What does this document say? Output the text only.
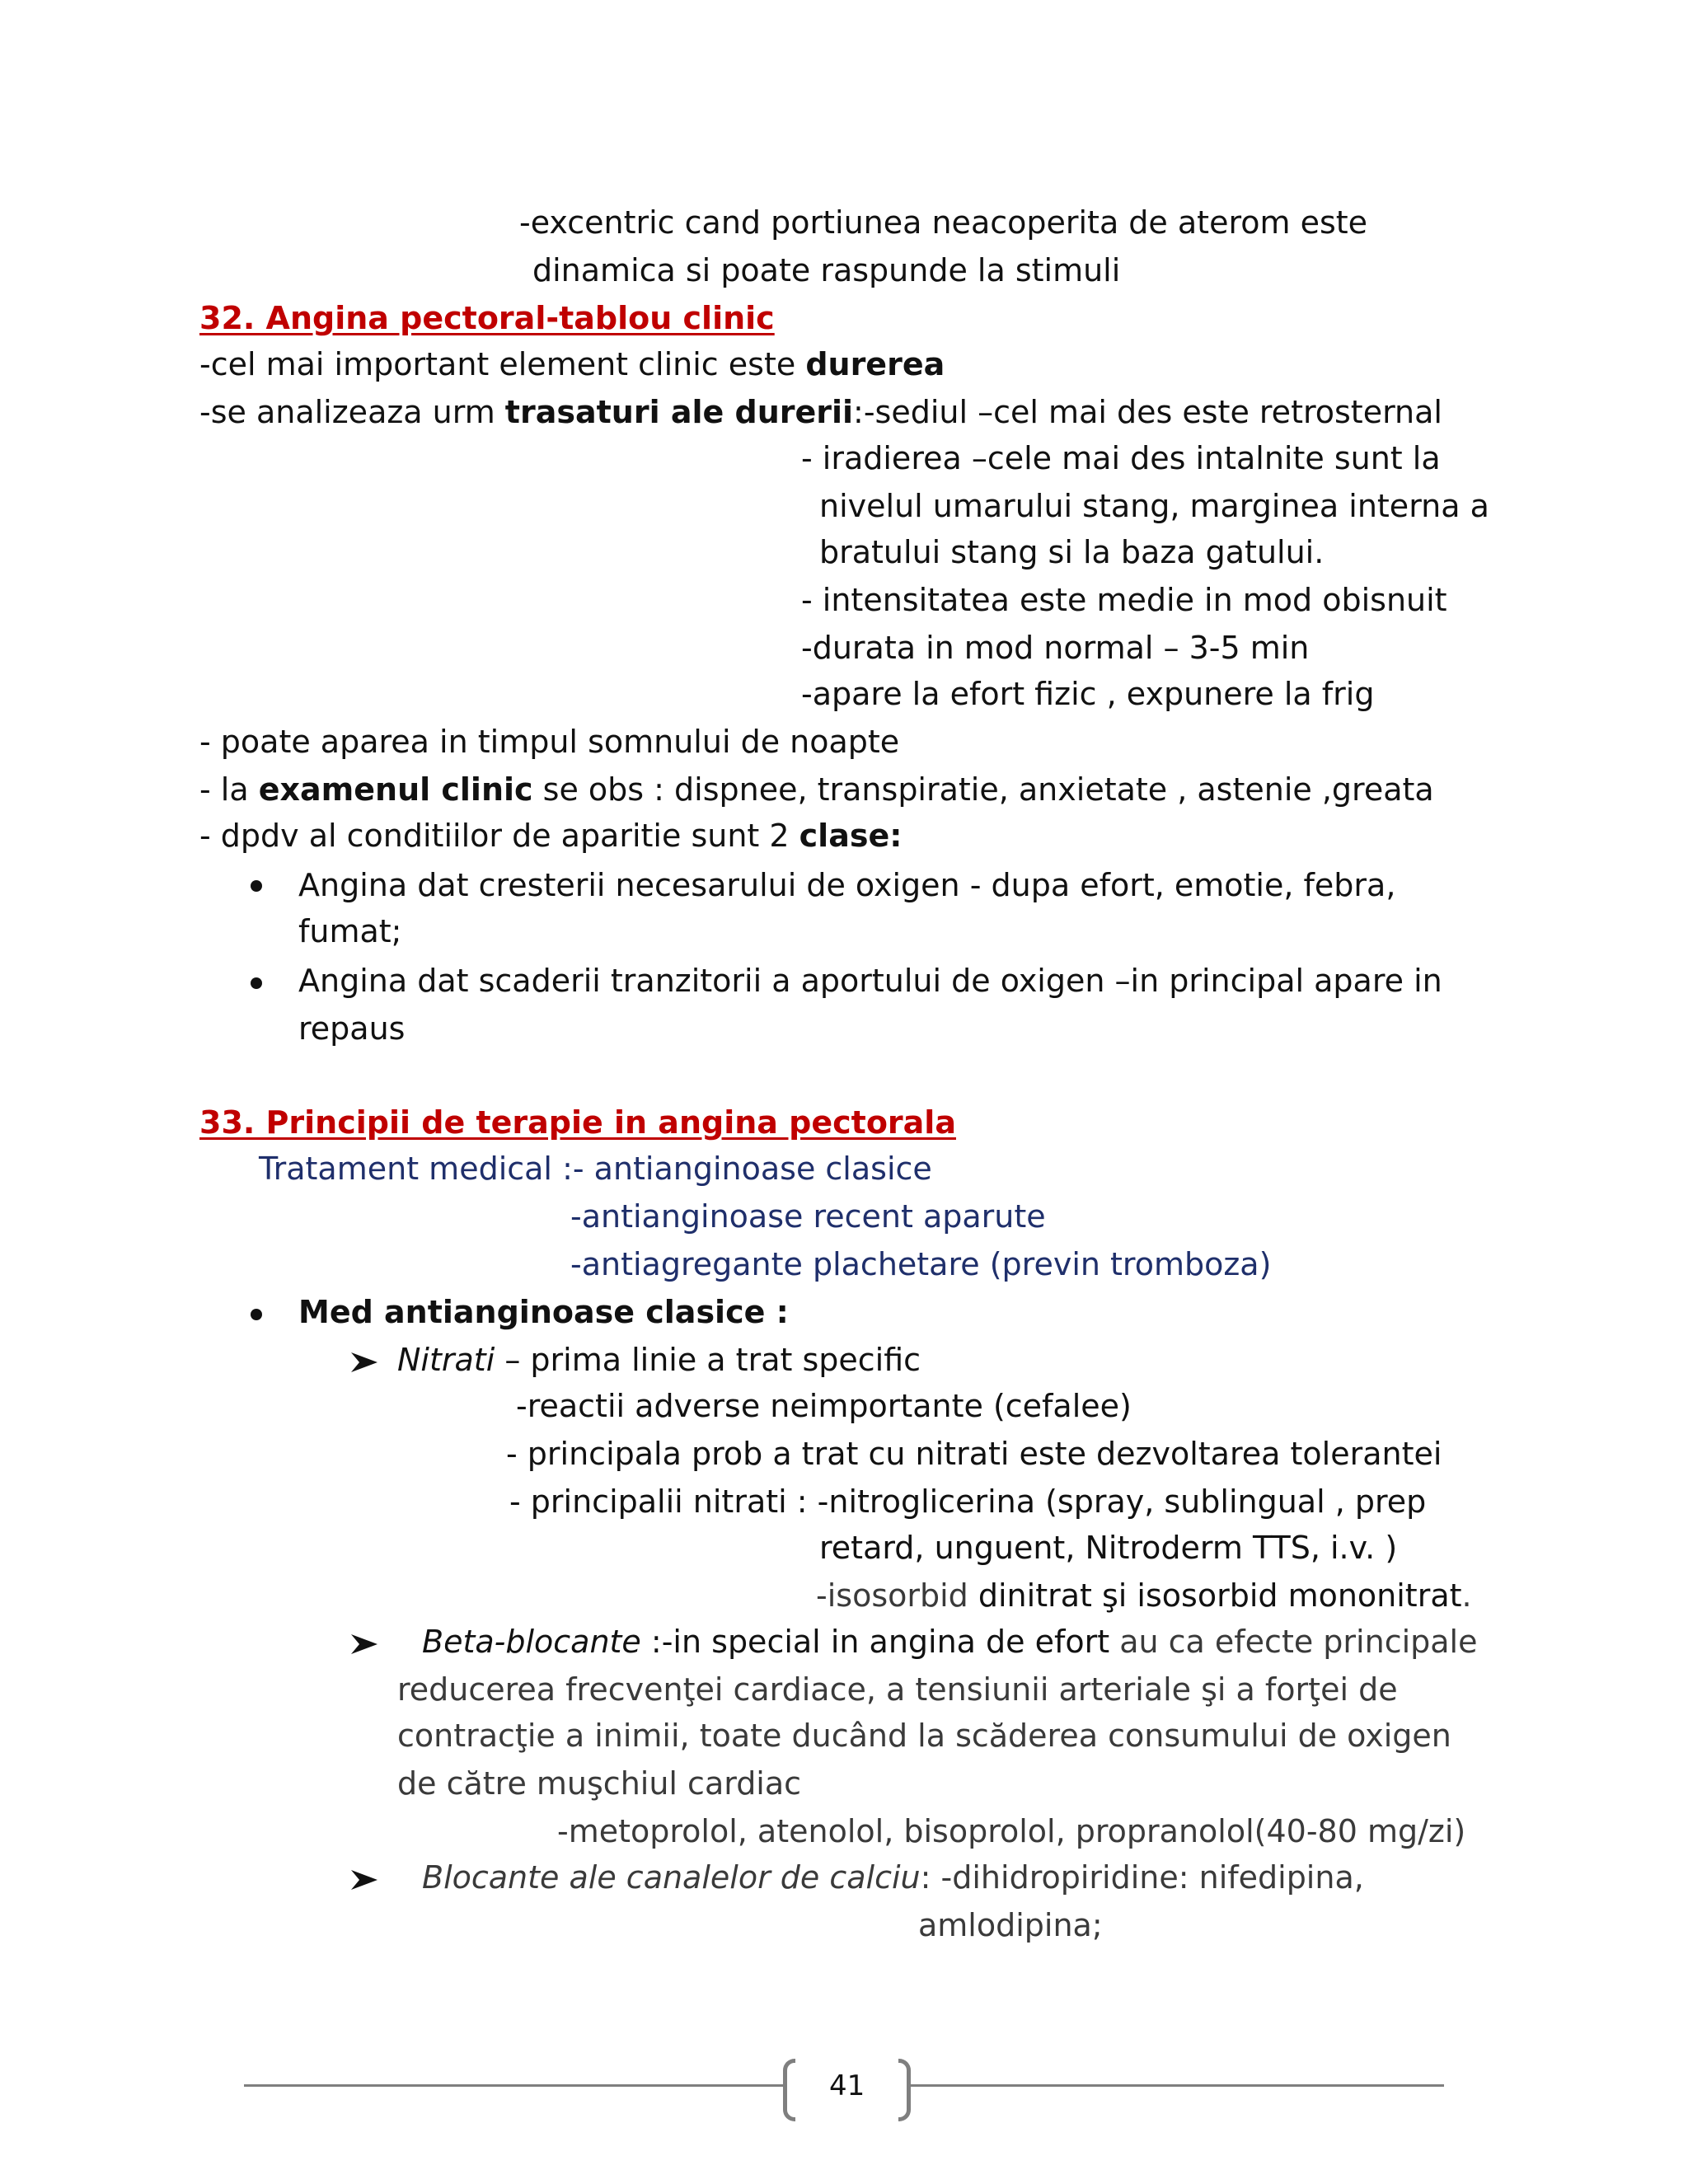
-excentric cand portiunea neacoperita de aterom este
dinamica si poate raspunde la stimuli
32. Angina pectoral-tablou clinic
-cel mai important element clinic este durerea
-se analizeaza urm trasaturi ale durerii:-sediul –cel mai des este retrosternal
- iradierea –cele mai des intalnite sunt la
nivelul umarului stang, marginea interna a
bratului stang si la baza gatului.
- intensitatea este medie in mod obisnuit
-durata in mod normal – 3-5 min
-apare la efort fizic , expunere la frig
- poate aparea in timpul somnului de noapte
- la examenul clinic se obs : dispnee, transpiratie, anxietate , astenie ,greata
- dpdv al conditiilor de aparitie sunt 2 clase:
Angina dat cresterii necesarului de oxigen - dupa efort, emotie, febra,
fumat;
Angina dat scaderii tranzitorii a aportului de oxigen –in principal apare in
repaus
33. Principii de terapie in angina pectorala
Tratament medical :- antianginoase clasice
-antianginoase recent aparute
-antiagregante plachetare (previn tromboza)
Med antianginoase clasice :
Nitrati – prima linie a trat specific
-reactii adverse neimportante (cefalee)
- principala prob a trat cu nitrati este dezvoltarea tolerantei
- principalii nitrati : -nitroglicerina (spray, sublingual , prep
retard, unguent, Nitroderm TTS, i.v. )
-isosorbid dinitrat şi isosorbid mononitrat.
Beta-blocante :-in special in angina de efort au ca efecte principale
reducerea frecvenţei cardiace, a tensiunii arteriale şi a forţei de
contracţie a inimii, toate ducând la scăderea consumului de oxigen
de către muşchiul cardiac
-metoprolol, atenolol, bisoprolol, propranolol(40-80 mg/zi)
Blocante ale canalelor de calciu: -dihidropiridine: nifedipina,
amlodipina;
41
